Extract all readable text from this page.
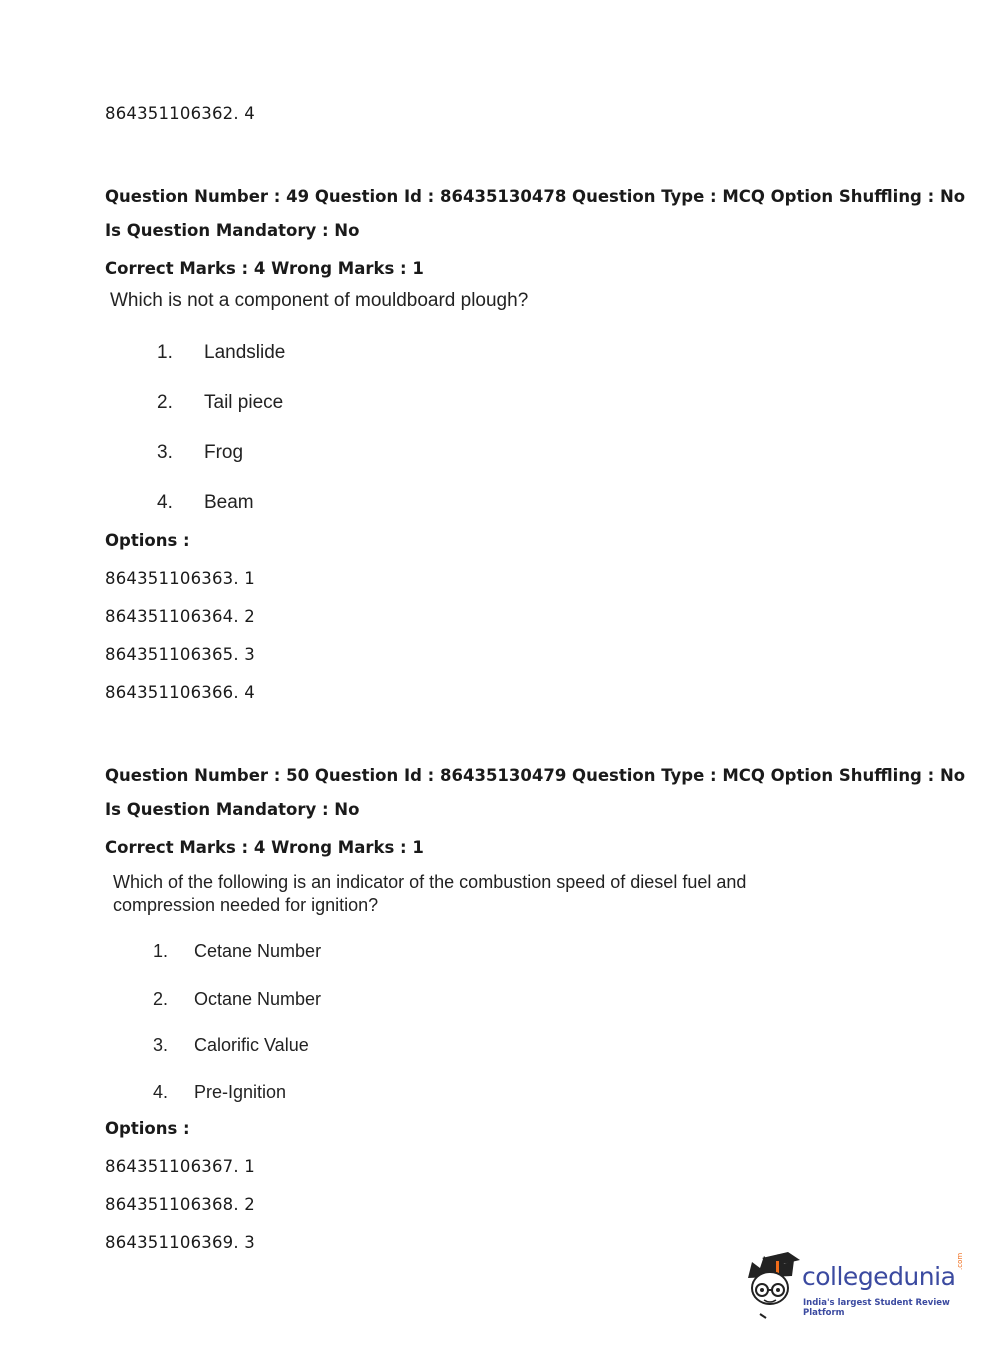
864351106362. 4
Question Number : 49 Question Id : 86435130478 Question Type : MCQ Option Shuffling : No
Is Question Mandatory : No
Correct Marks : 4 Wrong Marks : 1
Which is not a component of mouldboard plough?
1. Landslide
2. Tail piece
3. Frog
4. Beam
Options :
864351106363. 1
864351106364. 2
864351106365. 3
864351106366. 4
Question Number : 50 Question Id : 86435130479 Question Type : MCQ Option Shuffling : No
Is Question Mandatory : No
Correct Marks : 4 Wrong Marks : 1
Which of the following is an indicator of the combustion speed of diesel fuel and
compression needed for ignition?
1. Cetane Number
2. Octane Number
3. Calorific Value
4. Pre-Ignition
Options :
864351106367. 1
864351106368. 2
864351106369. 3
collegedunia
.com
India's largest Student Review Platform
